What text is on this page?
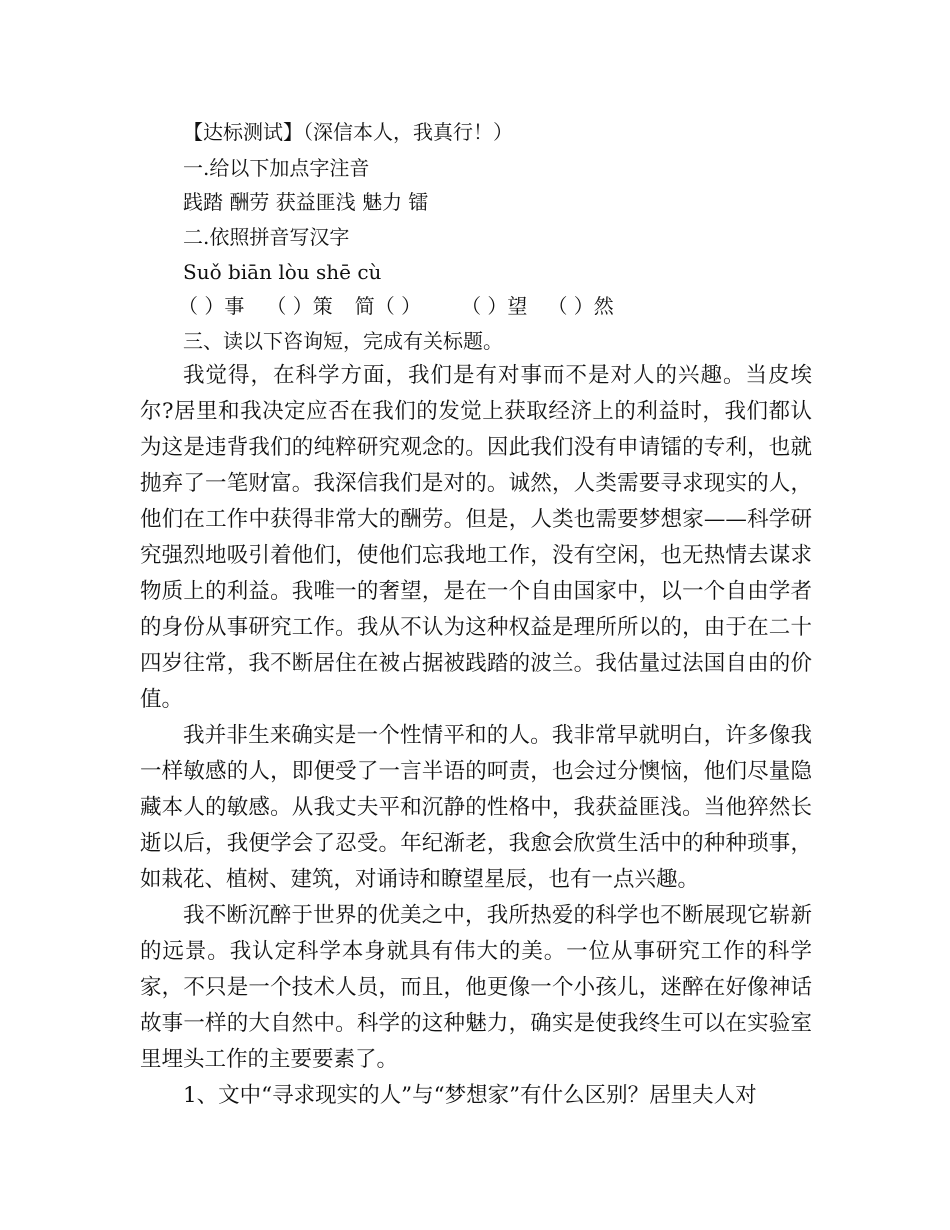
【达标测试】（深信本人，我真行！）
一.给以下加点字注音
践踏 酬劳 获益匪浅 魅力 镭
二.依照拼音写汉字
Suǒ biān lòu shē cù
（ ）事 （ ）策 简（ ） （ ）望 （ ）然
三、读以下咨询短，完成有关标题。

我觉得，在科学方面，我们是有对事而不是对人的兴趣。当皮埃尔?居里和我决定应否在我们的发觉上获取经济上的利益时，我们都认为这是违背我们的纯粹研究观念的。因此我们没有申请镭的专利，也就抛弃了一笔财富。我深信我们是对的。诚然，人类需要寻求现实的人，他们在工作中获得非常大的酬劳。但是，人类也需要梦想家——科学研究强烈地吸引着他们，使他们忘我地工作，没有空闲，也无热情去谋求物质上的利益。我唯一的奢望，是在一个自由国家中，以一个自由学者的身份从事研究工作。我从不认为这种权益是理所所以的，由于在二十四岁往常，我不断居住在被占据被践踏的波兰。我估量过法国自由的价值。

我并非生来确实是一个性情平和的人。我非常早就明白，许多像我一样敏感的人，即便受了一言半语的呵责，也会过分懊恼，他们尽量隐藏本人的敏感。从我丈夫平和沉静的性格中，我获益匪浅。当他猝然长逝以后，我便学会了忍受。年纪渐老，我愈会欣赏生活中的种种琐事，如栽花、植树、建筑，对诵诗和瞭望星辰，也有一点兴趣。

我不断沉醉于世界的优美之中，我所热爱的科学也不断展现它崭新的远景。我认定科学本身就具有伟大的美。一位从事研究工作的科学家，不只是一个技术人员，而且，他更像一个小孩儿，迷醉在好像神话故事一样的大自然中。科学的这种魅力，确实是使我终生可以在实验室里埋头工作的主要要素了。

1、文中“寻求现实的人”与“梦想家”有什么区别？居里夫人对
